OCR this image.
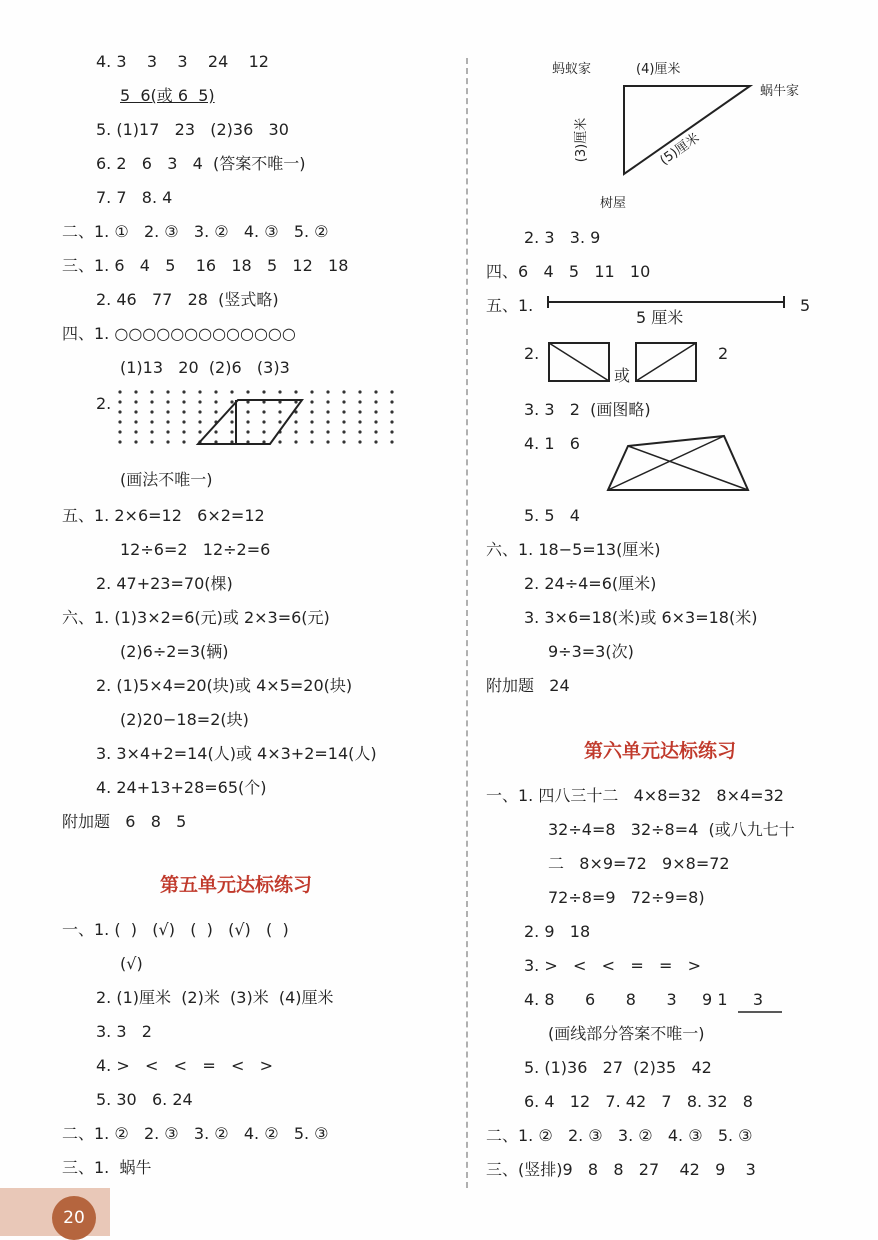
4. 3    3    3    24    12
5  6(或 6  5)
5. (1)17   23   (2)36   30
6. 2   6   3   4  (答案不唯一)
7. 7   8. 4
二、1. ①   2. ③   3. ②   4. ③   5. ②
三、1. 6   4   5    16   18   5   12   18
2. 46   77   28  (竖式略)
四、1. ○○○○○○○○○○○○○
(1)13   20  (2)6   (3)3
2.
(画法不唯一)
五、1. 2×6=12   6×2=12
12÷6=2   12÷2=6
2. 47+23=70(棵)
六、1. (1)3×2=6(元)或 2×3=6(元)
(2)6÷2=3(辆)
2. (1)5×4=20(块)或 4×5=20(块)
(2)20−18=2(块)
3. 3×4+2=14(人)或 4×3+2=14(人)
4. 24+13+28=65(个)
附加题   6   8   5
第五单元达标练习
一、1. (  )   (√)   (  )   (√)   (  )
(√)
2. (1)厘米  (2)米  (3)米  (4)厘米
3. 3   2
4. >   <   <   =   <   >
5. 30   6. 24
二、1. ②   2. ③   3. ②   4. ②   5. ③
三、1.  蜗牛
蚂蚁家	(4)厘米
蜗牛家
(3)厘米	(5)厘米
树屋
2. 3   3. 9
四、6   4   5   11   10
五、1.	5
5 厘米
2.
或
2
3. 3   2  (画图略)
4. 1   6
5. 5   4
六、1. 18−5=13(厘米)
2. 24÷4=6(厘米)
3. 3×6=18(米)或 6×3=18(米)
9÷3=3(次)
附加题   24
第六单元达标练习
一、1. 四八三十二   4×8=32   8×4=32
32÷4=8   32÷8=4  (或八九七十
二   8×9=72   9×8=72
72÷8=9   72÷9=8)
2. 9   18
3. >   <   <   =   =   >
4. 8      6      8      3     9 1     3
(画线部分答案不唯一)
5. (1)36   27  (2)35   42
6. 4   12   7. 42   7   8. 32   8
二、1. ②   2. ③   3. ②   4. ③   5. ③
三、(竖排)9   8   8   27    42   9    3
20
